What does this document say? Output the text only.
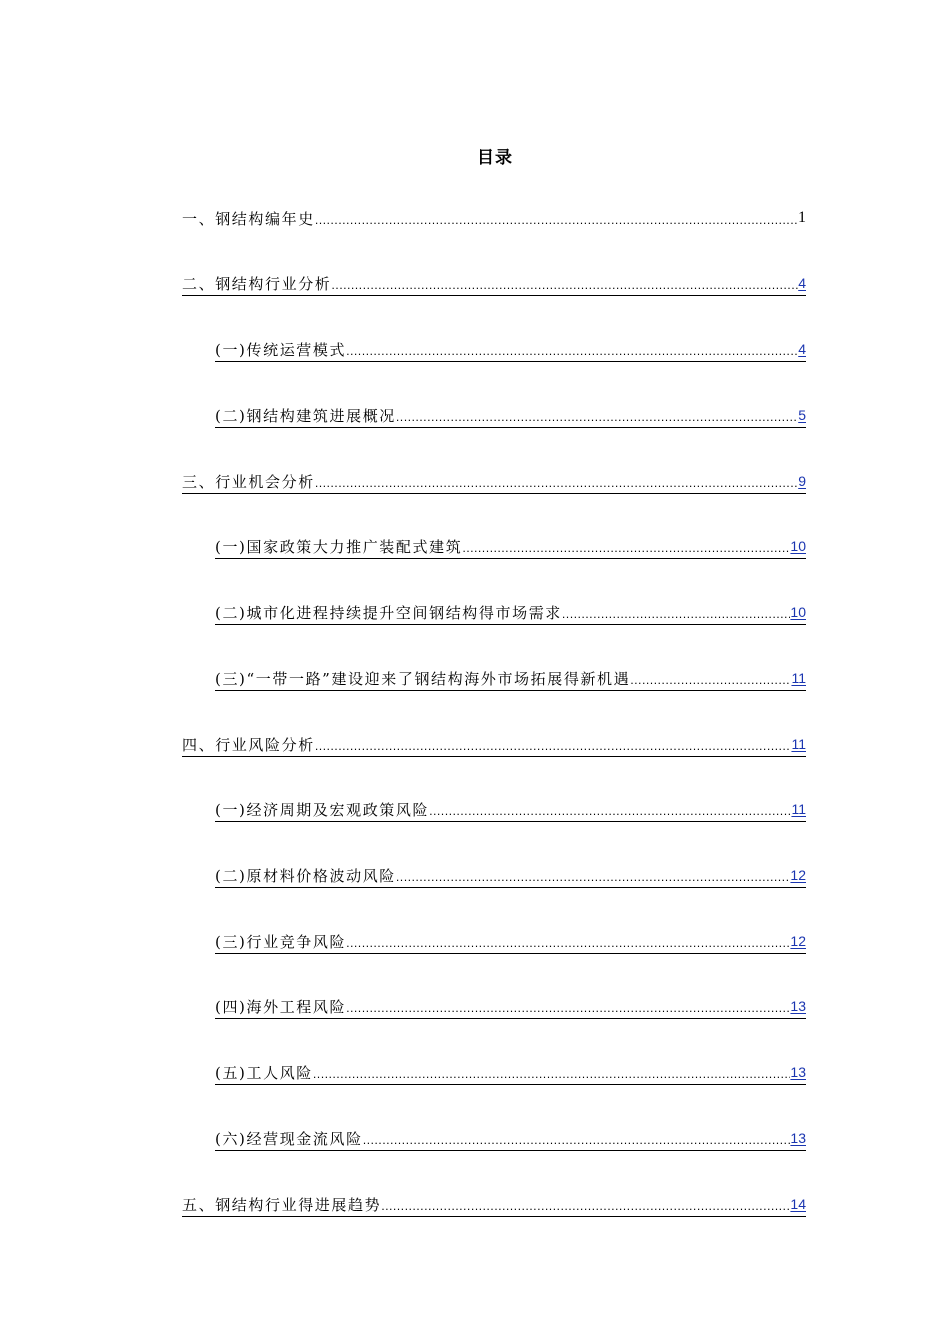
目录
一、钢结构编年史 .....	1
二、钢结构行业分析 .....	4
(一)传统运营模式 .....	4
(二)钢结构建筑进展概况 .....	5
三、行业机会分析 .....	9
(一)国家政策大力推广装配式建筑 .....	10
(二)城市化进程持续提升空间钢结构得市场需求 .....	10
(三)“一带一路”建设迎来了钢结构海外市场拓展得新机遇 .....	11
四、行业风险分析 .....	11
(一)经济周期及宏观政策风险 .....	11
(二)原材料价格波动风险 .....	12
(三)行业竞争风险 .....	12
(四)海外工程风险 .....	13
(五)工人风险 .....	13
(六)经营现金流风险 .....	13
五、钢结构行业得进展趋势 .....	14
